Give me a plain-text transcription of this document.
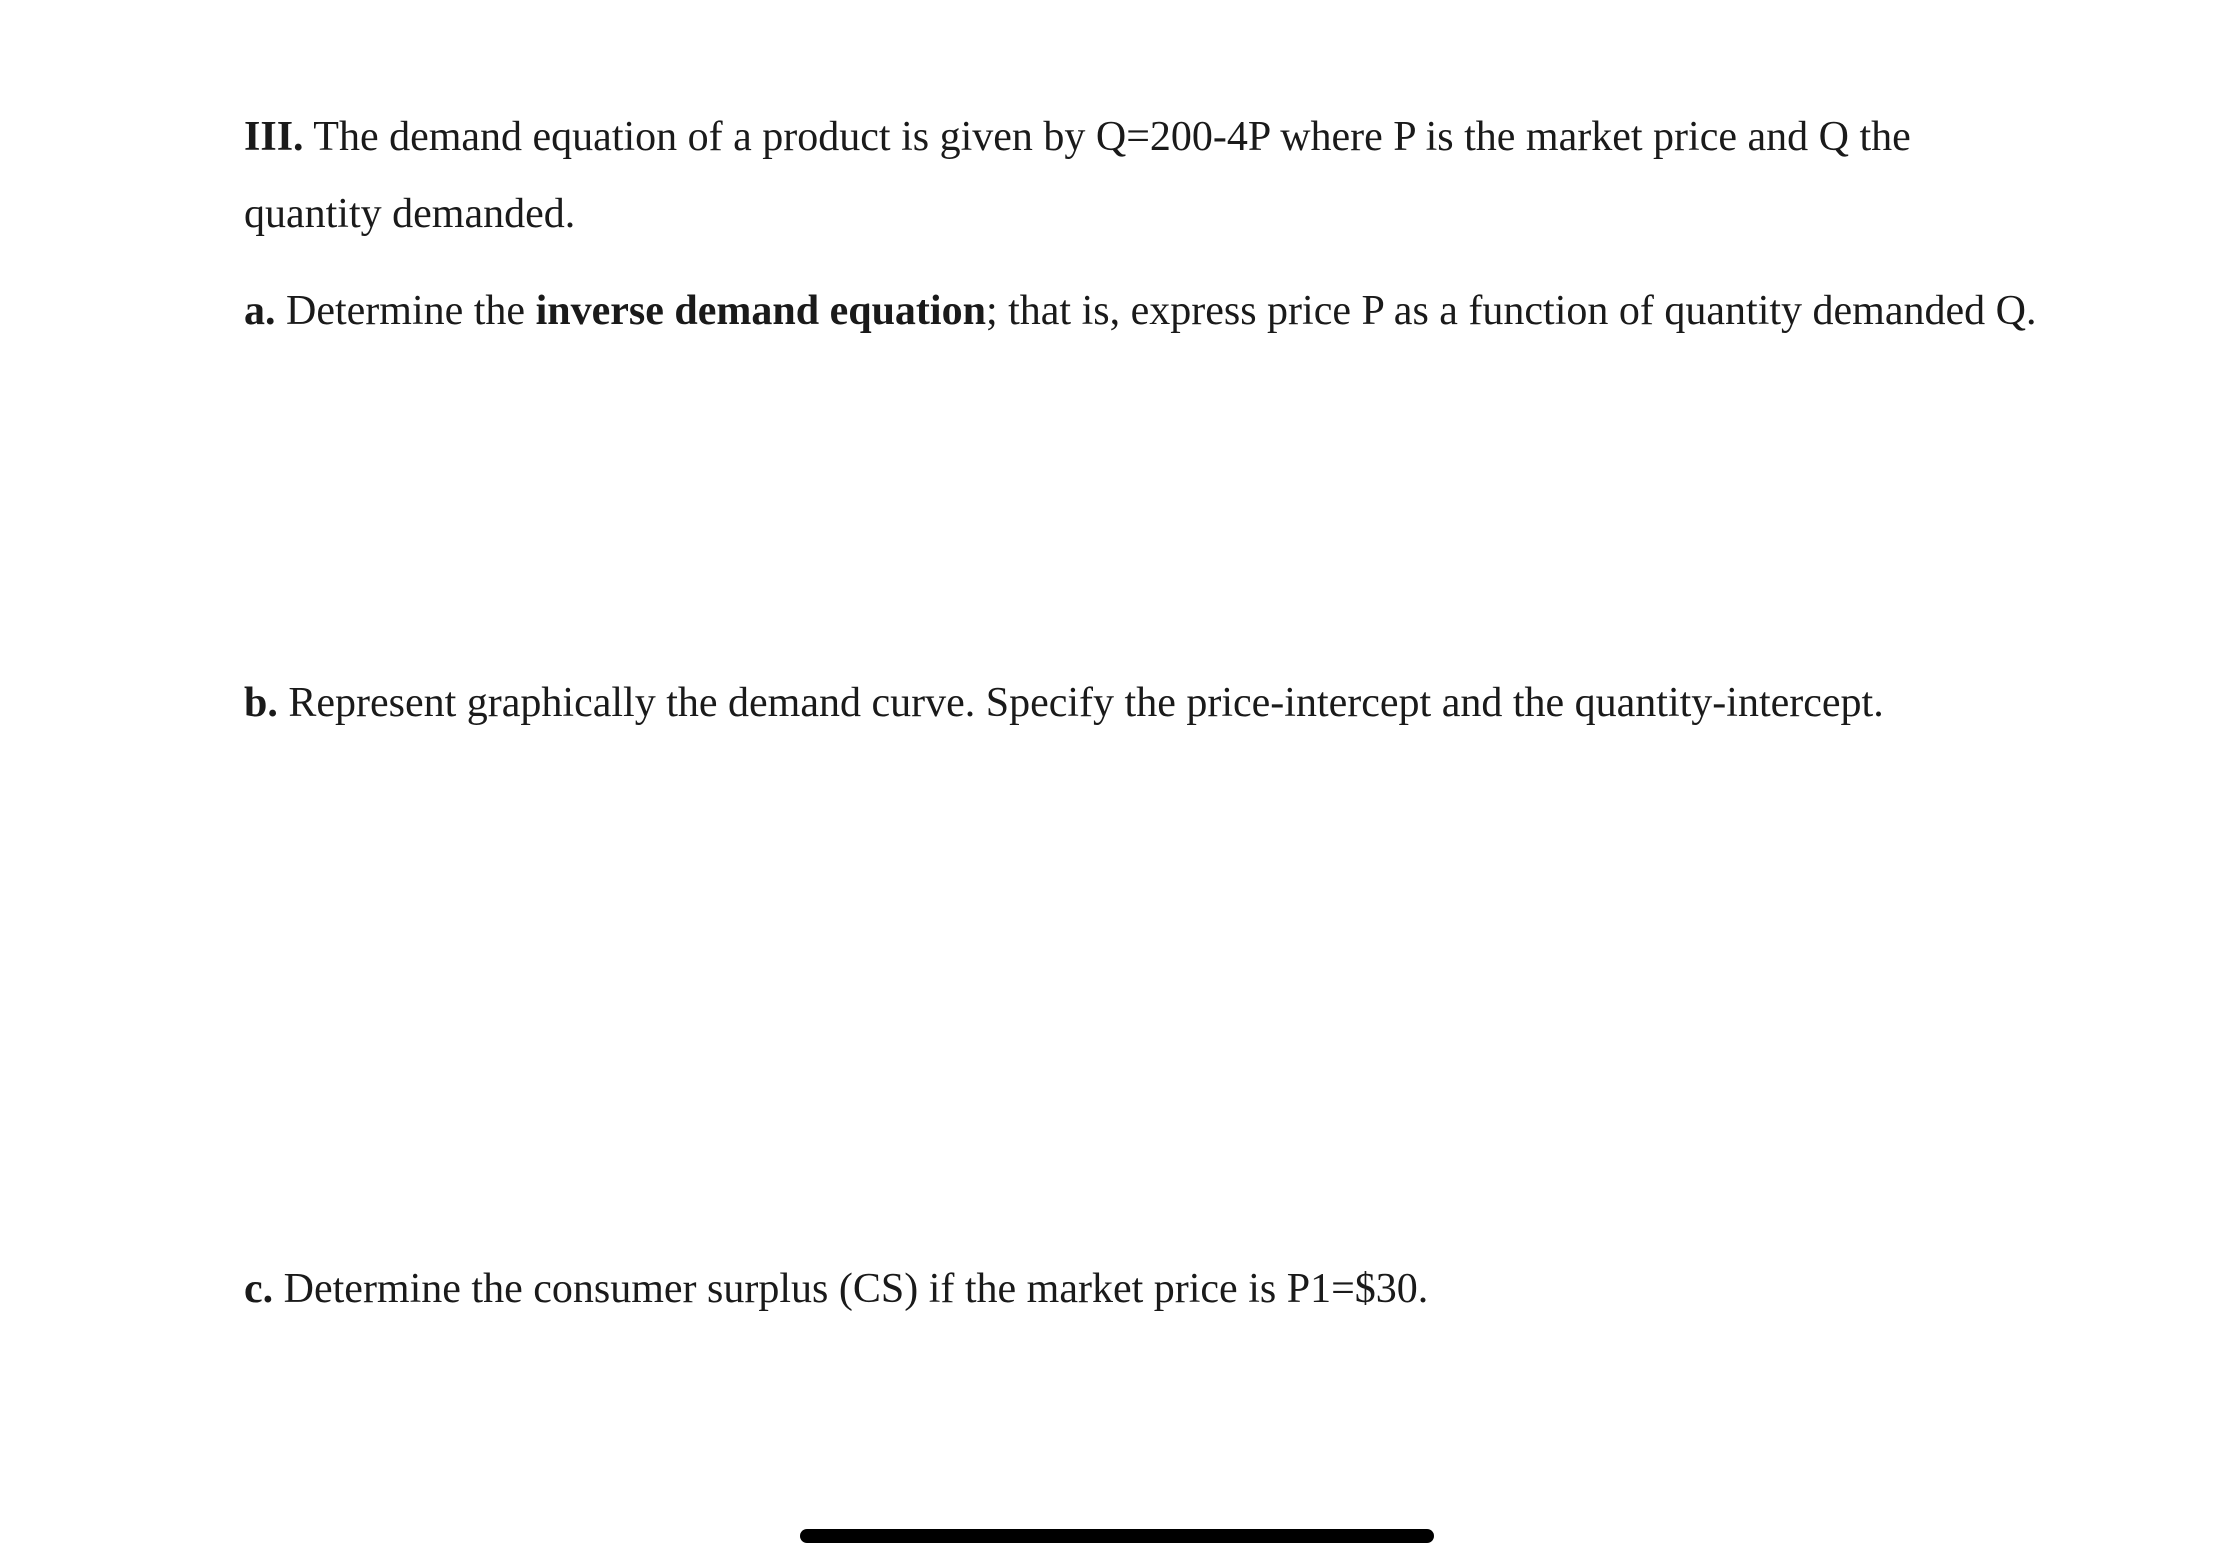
III. The demand equation of a product is given by Q=200-4P where P is the market price and Q the

quantity demanded.

a. Determine the inverse demand equation; that is, express price P as a function of quantity demanded Q.

b. Represent graphically the demand curve. Specify the price-intercept and the quantity-intercept.

c. Determine the consumer surplus (CS) if the market price is P1=$30.
